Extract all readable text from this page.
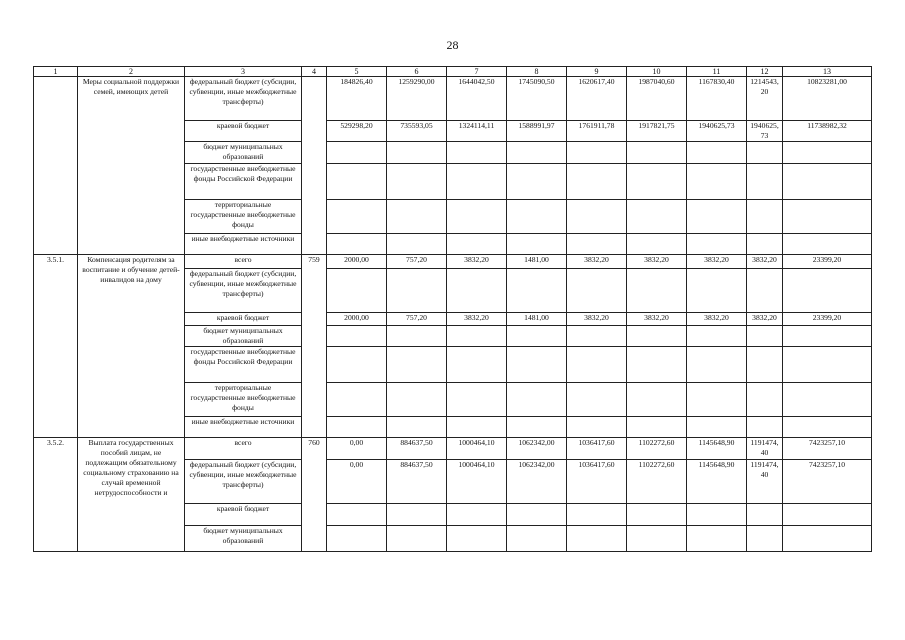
28
1	2	3	4	5	6	7	8	9	10	11	12	13
	Меры социальной поддержки семей, имеющих детей	федеральный бюджет (субсидии, субвенции, иные межбюджетные трансферты)		184826,40	1259290,00	1644042,50	1745090,50	1620617,40	1987040,60	1167830,40	1214543,20	10823281,00
		краевой бюджет		529298,20	735593,05	1324114,11	1588991,97	1761911,78	1917821,75	1940625,73	1940625,73	11738982,32
		бюджет муниципальных образований										
		государственные внебюджетные фонды Российской Федерации										
		территориальные государственные внебюджетные фонды										
		иные внебюджетные источники										
3.5.1.	Компенсация родителям за воспитание и обучение детей-инвалидов на дому	всего	759	2000,00	757,20	3832,20	1481,00	3832,20	3832,20	3832,20	3832,20	23399,20
		федеральный бюджет (субсидии, субвенции, иные межбюджетные трансферты)										
		краевой бюджет		2000,00	757,20	3832,20	1481,00	3832,20	3832,20	3832,20	3832,20	23399,20
		бюджет муниципальных образований										
		государственные внебюджетные фонды Российской Федерации										
		территориальные государственные внебюджетные фонды										
		иные внебюджетные источники										
3.5.2.	Выплата государственных пособий лицам, не подлежащим обязательному социальному страхованию на случай временной нетрудоспособности и	всего	760	0,00	884637,50	1000464,10	1062342,00	1036417,60	1102272,60	1145648,90	1191474,40	7423257,10
		федеральный бюджет (субсидии, субвенции, иные межбюджетные трансферты)		0,00	884637,50	1000464,10	1062342,00	1036417,60	1102272,60	1145648,90	1191474,40	7423257,10
		краевой бюджет										
		бюджет муниципальных образований										
